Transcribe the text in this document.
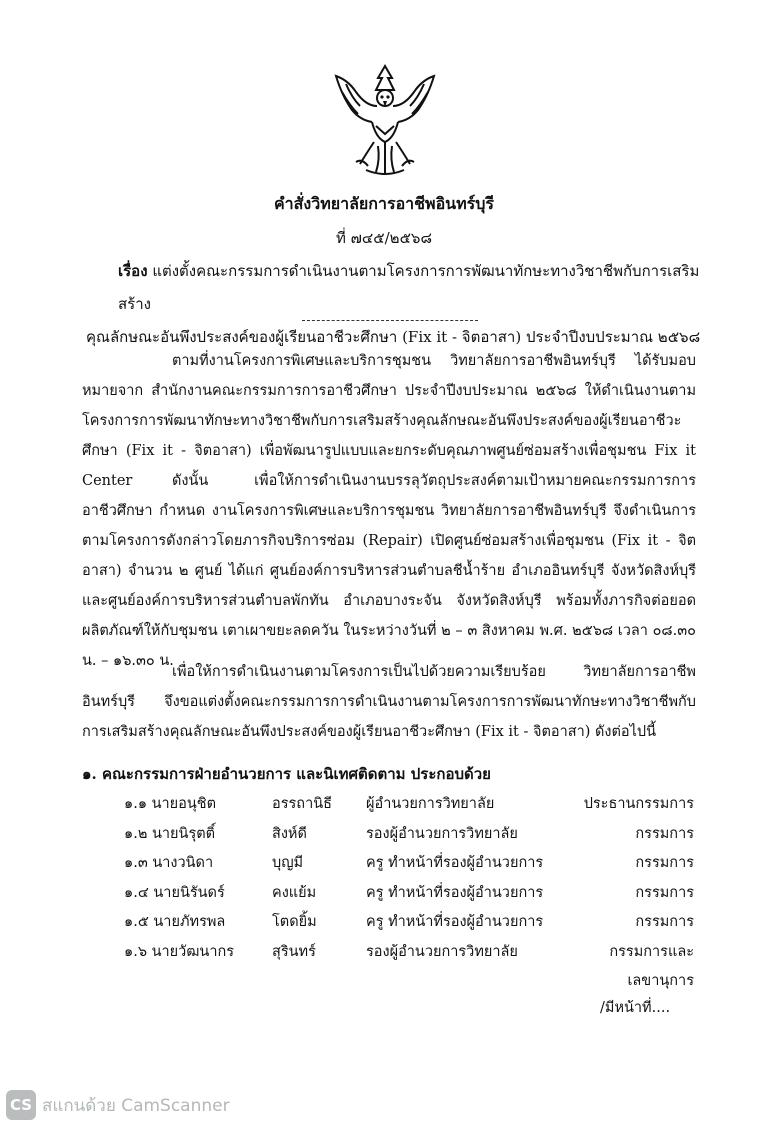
คำสั่งวิทยาลัยการอาชีพอินทร์บุรี
ที่ ๗๔๕/๒๕๖๘
เรื่อง แต่งตั้งคณะกรรมการดำเนินงานตามโครงการการพัฒนาทักษะทางวิชาชีพกับการเสริมสร้าง
คุณลักษณะอันพึงประสงค์ของผู้เรียนอาชีวะศึกษา (Fix it - จิตอาสา) ประจำปีงบประมาณ ๒๕๖๘
ตามที่งานโครงการพิเศษและบริการชุมชน วิทยาลัยการอาชีพอินทร์บุรี ได้รับมอบหมายจาก สำนักงานคณะกรรมการการอาชีวศึกษา ประจำปีงบประมาณ ๒๕๖๘ ให้ดำเนินงานตามโครงการการพัฒนาทักษะทางวิชาชีพกับการเสริมสร้างคุณลักษณะอันพึงประสงค์ของผู้เรียนอาชีวะศึกษา (Fix it - จิตอาสา) เพื่อพัฒนารูปแบบและยกระดับคุณภาพศูนย์ซ่อมสร้างเพื่อชุมชน Fix it Center	ดังนั้น เพื่อให้การดำเนินงานบรรลุวัตถุประสงค์ตามเป้าหมายคณะกรรมการการอาชีวศึกษา กำหนด งานโครงการพิเศษและบริการชุมชน วิทยาลัยการอาชีพอินทร์บุรี จึงดำเนินการตามโครงการดังกล่าวโดยภารกิจบริการซ่อม (Repair) เปิดศูนย์ซ่อมสร้างเพื่อชุมชน (Fix it - จิตอาสา) จำนวน ๒ ศูนย์ ได้แก่ ศูนย์องค์การบริหารส่วนตำบลชีน้ำร้าย อำเภออินทร์บุรี จังหวัดสิงห์บุรี และศูนย์องค์การบริหารส่วนตำบลพักทัน อำเภอบางระจัน จังหวัดสิงห์บุรี พร้อมทั้งภารกิจต่อยอดผลิตภัณฑ์ให้กับชุมชน เตาเผาขยะลดควัน ในระหว่างวันที่ ๒ – ๓ สิงหาคม พ.ศ. ๒๕๖๘ เวลา ๐๘.๓๐ น. – ๑๖.๓๐ น.
เพื่อให้การดำเนินงานตามโครงการเป็นไปด้วยความเรียบร้อย วิทยาลัยการอาชีพอินทร์บุรี จึงขอแต่งตั้งคณะกรรมการการดำเนินงานตามโครงการการพัฒนาทักษะทางวิชาชีพกับการเสริมสร้างคุณลักษณะอันพึงประสงค์ของผู้เรียนอาชีวะศึกษา (Fix it - จิตอาสา) ดังต่อไปนี้
๑. คณะกรรมการฝ่ายอำนวยการ และนิเทศติดตาม ประกอบด้วย
๑.๑ นายอนุชิต	อรรถานิธี	ผู้อำนวยการวิทยาลัย	ประธานกรรมการ
๑.๒ นายนิรุตติ์	สิงห์ดี	รองผู้อำนวยการวิทยาลัย	กรรมการ
๑.๓ นางวนิดา	บุญมี	ครู ทำหน้าที่รองผู้อำนวยการ	กรรมการ
๑.๔ นายนิรันดร์	คงแย้ม	ครู ทำหน้าที่รองผู้อำนวยการ	กรรมการ
๑.๕ นายภัทรพล	โตดยิ้ม	ครู ทำหน้าที่รองผู้อำนวยการ	กรรมการ
๑.๖ นายวัฒนากร	สุรินทร์	รองผู้อำนวยการวิทยาลัย	กรรมการและเลขานุการ
/มีหน้าที่....
CS สแกนด้วย CamScanner
